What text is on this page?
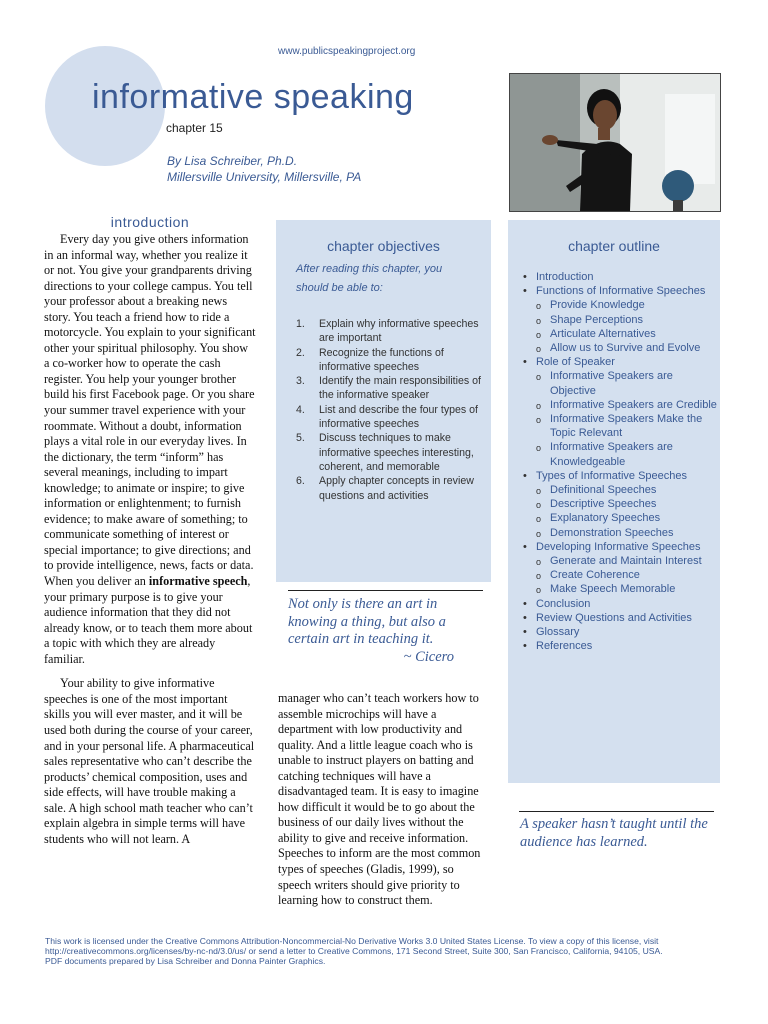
www.publicspeakingproject.org
informative speaking
chapter 15
By Lisa Schreiber, Ph.D.
Millersville University, Millersville, PA
introduction

Every day you give others information in an informal way, whether you realize it or not. You give your grandparents driving directions to your college campus. You tell your professor about a breaking news story. You teach a friend how to ride a motorcycle. You explain to your significant other your spiritual philosophy. You show a co-worker how to operate the cash register. You help your younger brother build his first Facebook page. Or you share your summer travel experience with your roommate. Without a doubt, information plays a vital role in our everyday lives. In the dictionary, the term “inform” has several meanings, including to impart knowledge; to animate or inspire; to give information or enlightenment; to furnish evidence; to make aware of something; to communicate something of interest or special importance; to give directions; and to provide intelligence, news, facts or data. When you deliver an informative speech, your primary purpose is to give your audience information that they did not already know, or to teach them more about a topic with which they are already familiar.

Your ability to give informative speeches is one of the most important skills you will ever master, and it will be used both during the course of your career, and in your personal life. A pharmaceutical sales representative who can’t describe the products’ chemical composition, uses and side effects, will have trouble making a sale. A high school math teacher who can’t explain algebra in simple terms will have students who will not learn. A

chapter objectives
After reading this chapter, you should be able to:
1. Explain why informative speeches are important
2. Recognize the functions of informative speeches
3. Identify the main responsibilities of the informative speaker
4. List and describe the four types of informative speeches
5. Discuss techniques to make informative speeches interesting, coherent, and memorable
6. Apply chapter concepts in review questions and activities
Not only is there an art in knowing a thing, but also a certain art in teaching it.
~ Cicero

manager who can’t teach workers how to assemble microchips will have a department with low productivity and quality. And a little league coach who is unable to instruct players on batting and catching techniques will have a disadvantaged team. It is easy to imagine how difficult it would be to go about the business of our daily lives without the ability to give and receive information. Speeches to inform are the most common types of speeches (Gladis, 1999), so speech writers should give priority to learning how to construct them.

chapter outline
• Introduction
• Functions of Informative Speeches
o Provide Knowledge
o Shape Perceptions
o Articulate Alternatives
o Allow us to Survive and Evolve
• Role of Speaker
o Informative Speakers are Objective
o Informative Speakers are Credible
o Informative Speakers Make the Topic Relevant
o Informative Speakers are Knowledgeable
• Types of Informative Speeches
o Definitional Speeches
o Descriptive Speeches
o Explanatory Speeches
o Demonstration Speeches
• Developing Informative Speeches
o Generate and Maintain Interest
o Create Coherence
o Make Speech Memorable
• Conclusion
• Review Questions and Activities
• Glossary
• References
A speaker hasn’t taught until the audience has learned.
This work is licensed under the Creative Commons Attribution-Noncommercial-No Derivative Works 3.0 United States License. To view a copy of this license, visit
http://creativecommons.org/licenses/by-nc-nd/3.0/us/ or send a letter to Creative Commons, 171 Second Street, Suite 300, San Francisco, California, 94105, USA.
PDF documents prepared by Lisa Schreiber and Donna Painter Graphics.
